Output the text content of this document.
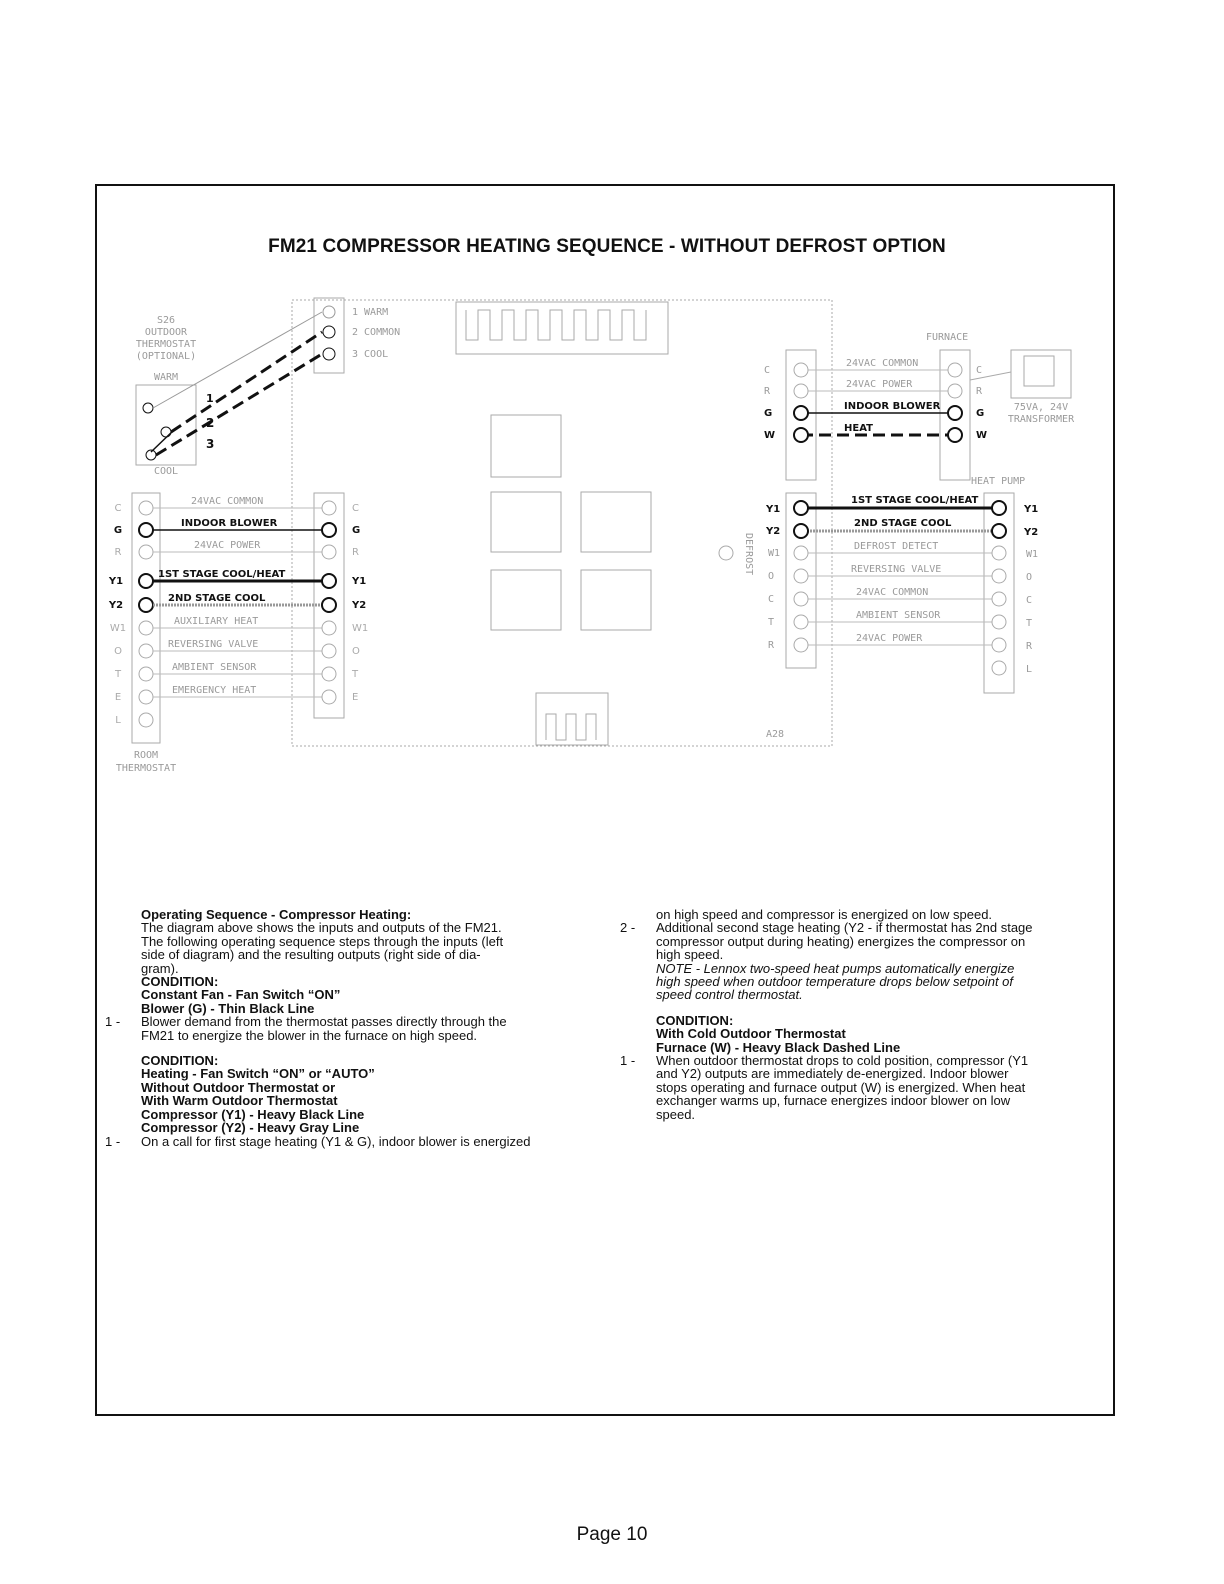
FM21 COMPRESSOR HEATING SEQUENCE - WITHOUT DEFROST OPTION
S26
OUTDOOR
THERMOSTAT
(OPTIONAL)
WARM
COOL
1
2
3
1 WARM
2 COMMON
3 COOL
C
G
R
Y1
Y2
W1
O
T
E
L
24VAC COMMON
INDOOR BLOWER
24VAC POWER
1ST STAGE COOL/HEAT
2ND STAGE COOL
AUXILIARY HEAT
REVERSING VALVE
AMBIENT SENSOR
EMERGENCY HEAT
ROOM
THERMOSTAT
C
G
R
Y1
Y2
W1
O
T
E
FURNACE
C
R
G
W
24VAC COMMON
24VAC POWER
INDOOR BLOWER
HEAT
C
R
G
W
75VA, 24V
TRANSFORMER
HEAT PUMP
DEFROST
Y1
Y2
W1
O
C
T
R
1ST STAGE COOL/HEAT
2ND STAGE COOL
DEFROST DETECT
REVERSING VALVE
24VAC COMMON
AMBIENT SENSOR
24VAC POWER
Y1
Y2
W1
O
C
T
R
L
A28

Operating Sequence - Compressor Heating:

The diagram above shows the inputs and outputs of the FM21.

The following operating sequence steps through the inputs (left

side of diagram) and the resulting outputs (right side of dia-

gram).

CONDITION:

Constant Fan - Fan Switch “ON”

Blower (G) - Thin Black Line

1 - Blower demand from the thermostat passes directly through the

FM21 to energize the blower in the furnace on high speed.

CONDITION:

Heating - Fan Switch “ON” or “AUTO”

Without Outdoor Thermostat or

With Warm Outdoor Thermostat

Compressor (Y1) - Heavy Black Line

Compressor (Y2) - Heavy Gray Line

1 - On a call for first stage heating (Y1 & G), indoor blower is energized

on high speed and compressor is energized on low speed.

2 - Additional second stage heating (Y2 - if thermostat has 2nd stage

compressor output during heating) energizes the compressor on

high speed.

NOTE - Lennox two-speed heat pumps automatically energize

high speed when outdoor temperature drops below setpoint of

speed control thermostat.

CONDITION:

With Cold Outdoor Thermostat

Furnace (W) - Heavy Black Dashed Line

1 - When outdoor thermostat drops to cold position, compressor (Y1

and Y2) outputs are immediately de-energized. Indoor blower

stops operating and furnace output (W) is energized. When heat

exchanger warms up, furnace energizes indoor blower on low

speed.

Page 10
